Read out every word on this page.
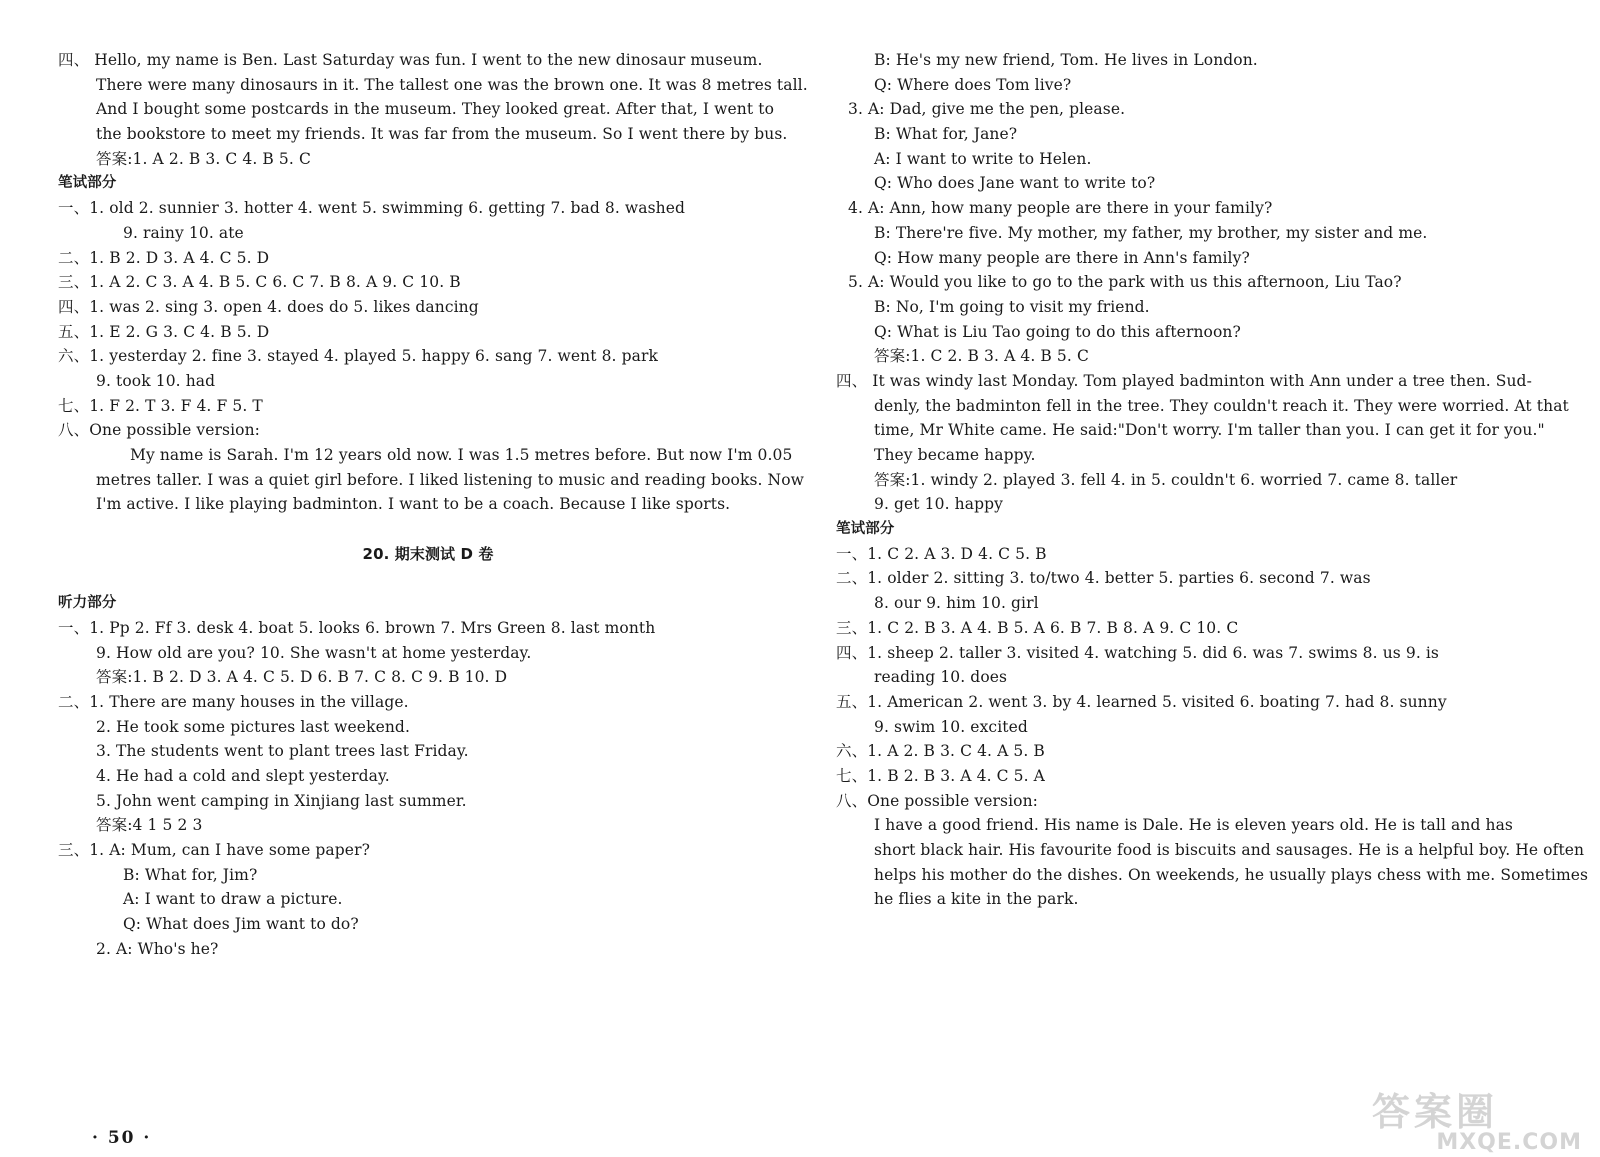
四、 Hello, my name is Ben. Last Saturday was fun. I went to the new dinosaur museum.
There were many dinosaurs in it. The tallest one was the brown one. It was 8 metres tall.
And I bought some postcards in the museum. They looked great. After that, I went to
the bookstore to meet my friends. It was far from the museum. So I went there by bus.
答案:1. A 2. B 3. C 4. B 5. C
笔试部分
一、1. old 2. sunnier 3. hotter 4. went 5. swimming 6. getting 7. bad 8. washed
9. rainy 10. ate
二、1. B 2. D 3. A 4. C 5. D
三、1. A 2. C 3. A 4. B 5. C 6. C 7. B 8. A 9. C 10. B
四、1. was 2. sing 3. open 4. does do 5. likes dancing
五、1. E 2. G 3. C 4. B 5. D
六、1. yesterday 2. fine 3. stayed 4. played 5. happy 6. sang 7. went 8. park
9. took 10. had
七、1. F 2. T 3. F 4. F 5. T
八、One possible version:
My name is Sarah. I'm 12 years old now. I was 1.5 metres before. But now I'm 0.05
metres taller. I was a quiet girl before. I liked listening to music and reading books. Now
I'm active. I like playing badminton. I want to be a coach. Because I like sports.
20. 期末测试 D 卷
听力部分
一、1. Pp 2. Ff 3. desk 4. boat 5. looks 6. brown 7. Mrs Green 8. last month
9. How old are you? 10. She wasn't at home yesterday.
答案:1. B 2. D 3. A 4. C 5. D 6. B 7. C 8. C 9. B 10. D
二、1. There are many houses in the village.
2. He took some pictures last weekend.
3. The students went to plant trees last Friday.
4. He had a cold and slept yesterday.
5. John went camping in Xinjiang last summer.
答案:4 1 5 2 3
三、1. A: Mum, can I have some paper?
B: What for, Jim?
A: I want to draw a picture.
Q: What does Jim want to do?
2. A: Who's he?
B: He's my new friend, Tom. He lives in London.
Q: Where does Tom live?
3. A: Dad, give me the pen, please.
B: What for, Jane?
A: I want to write to Helen.
Q: Who does Jane want to write to?
4. A: Ann, how many people are there in your family?
B: There're five. My mother, my father, my brother, my sister and me.
Q: How many people are there in Ann's family?
5. A: Would you like to go to the park with us this afternoon, Liu Tao?
B: No, I'm going to visit my friend.
Q: What is Liu Tao going to do this afternoon?
答案:1. C 2. B 3. A 4. B 5. C
四、 It was windy last Monday. Tom played badminton with Ann under a tree then. Sud-
denly, the badminton fell in the tree. They couldn't reach it. They were worried. At that
time, Mr White came. He said:"Don't worry. I'm taller than you. I can get it for you."
They became happy.
答案:1. windy 2. played 3. fell 4. in 5. couldn't 6. worried 7. came 8. taller
9. get 10. happy
笔试部分
一、1. C 2. A 3. D 4. C 5. B
二、1. older 2. sitting 3. to/two 4. better 5. parties 6. second 7. was
8. our 9. him 10. girl
三、1. C 2. B 3. A 4. B 5. A 6. B 7. B 8. A 9. C 10. C
四、1. sheep 2. taller 3. visited 4. watching 5. did 6. was 7. swims 8. us 9. is
reading 10. does
五、1. American 2. went 3. by 4. learned 5. visited 6. boating 7. had 8. sunny
9. swim 10. excited
六、1. A 2. B 3. C 4. A 5. B
七、1. B 2. B 3. A 4. C 5. A
八、One possible version:
I have a good friend. His name is Dale. He is eleven years old. He is tall and has
short black hair. His favourite food is biscuits and sausages. He is a helpful boy. He often
helps his mother do the dishes. On weekends, he usually plays chess with me. Sometimes
he flies a kite in the park.
· 50 ·
答案圈
MXQE.COM
